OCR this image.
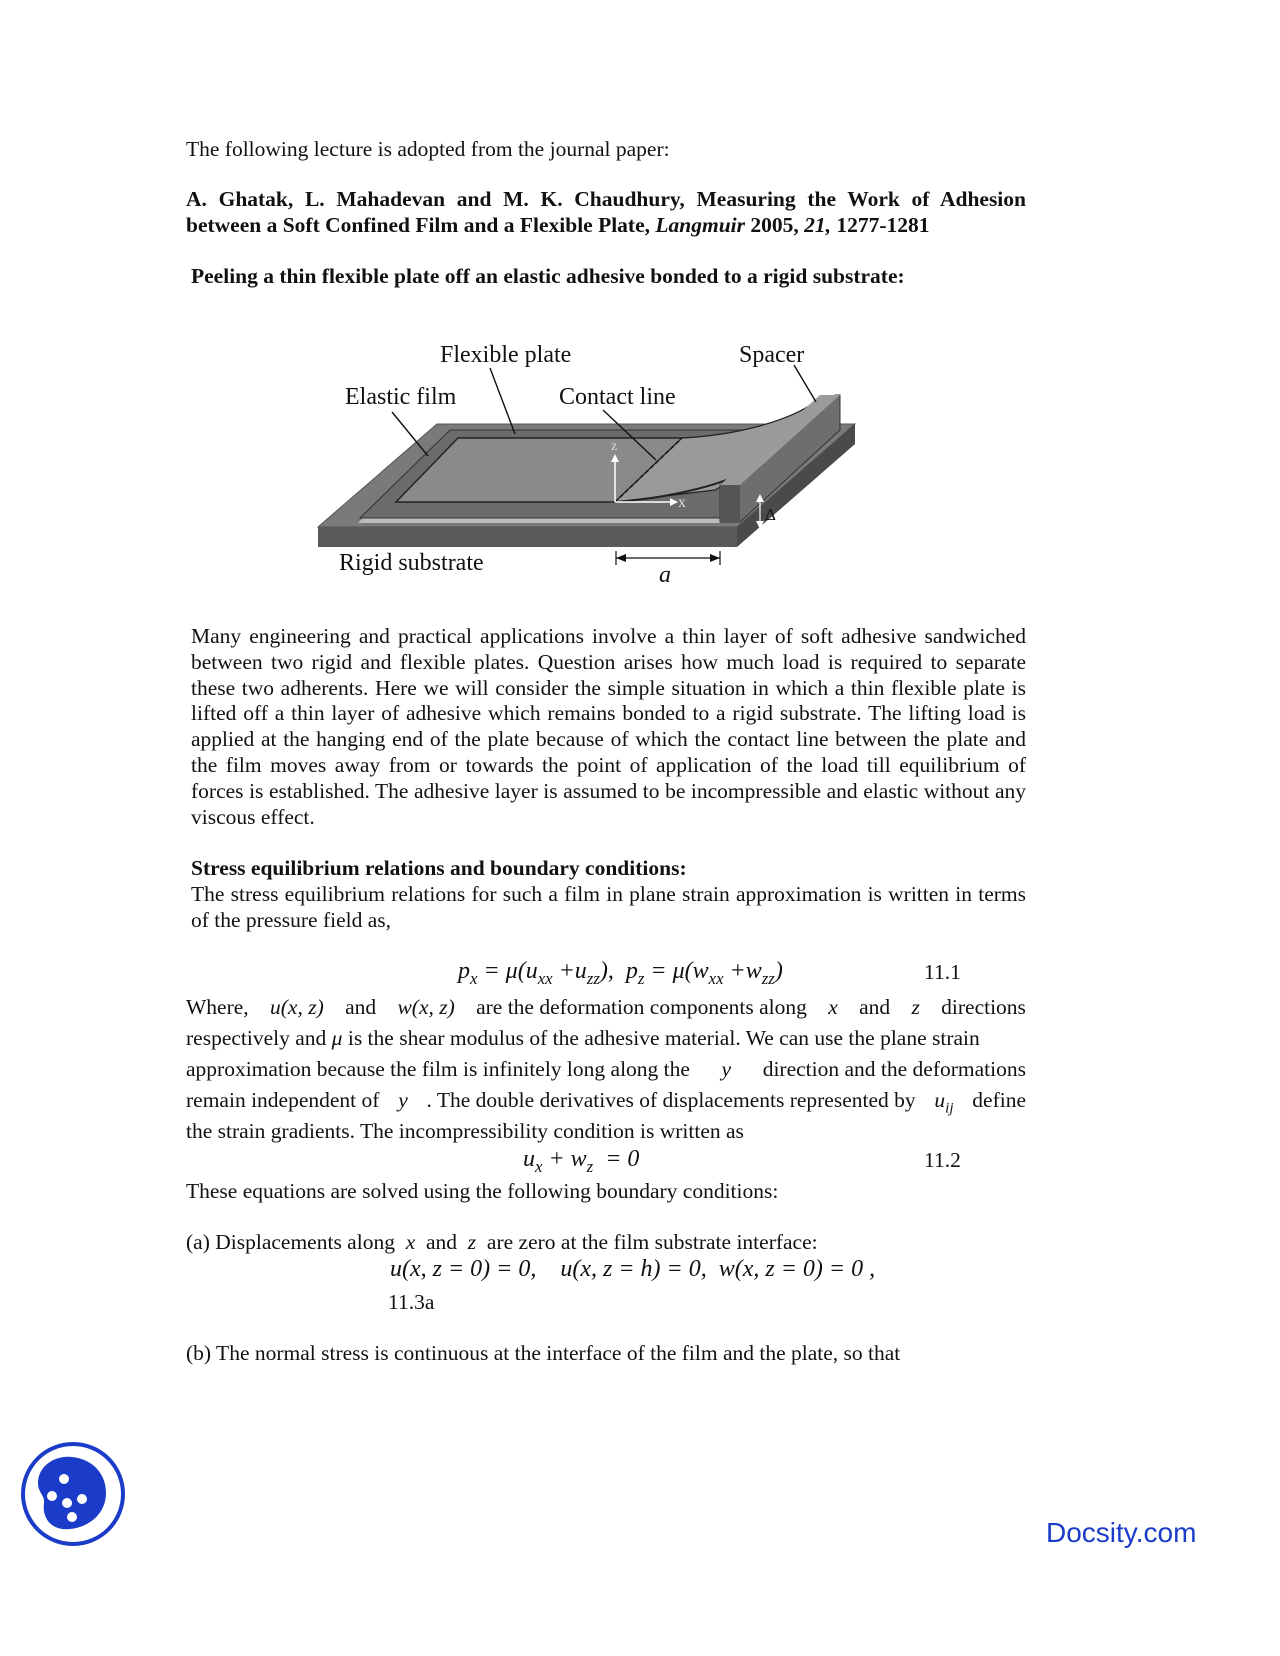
The following lecture is adopted from the journal paper:
A. Ghatak, L. Mahadevan and M. K. Chaudhury, Measuring the Work of Adhesion between a Soft Confined Film and a Flexible Plate, Langmuir 2005, 21, 1277-1281
Peeling a thin flexible plate off an elastic adhesive bonded to a rigid substrate:
Flexible plate	Spacer
Elastic film	Contact line
Rigid substrate
z
x
Δ
a
Many engineering and practical applications involve a thin layer of soft adhesive sandwiched between two rigid and flexible plates. Question arises how much load is required to separate these two adherents. Here we will consider the simple situation in which a thin flexible plate is lifted off a thin layer of adhesive which remains bonded to a rigid substrate. The lifting load is applied at the hanging end of the plate because of which the contact line between the plate and the film moves away from or towards the point of application of the load till equilibrium of forces is established. The adhesive layer is assumed to be incompressible and elastic without any viscous effect.
Stress equilibrium relations and boundary conditions:
The stress equilibrium relations for such a film in plane strain approximation is written in terms of the pressure field as,
$p_x = \mu(u_{xx} +u_{zz})$,  $p_z = \mu(w_{xx} +w_{zz})$	11.1
Where, u(x, z) and w(x, z) are the deformation components along x and z directions
respectively and μ is the shear modulus of the adhesive material. We can use the plane strain
approximation because the film is infinitely long along the y direction and the deformations
remain independent of y . The double derivatives of displacements represented by $u_{ij}$ define
the strain gradients. The incompressibility condition is written as
$u_x + w_z = 0$	11.2
These equations are solved using the following boundary conditions:
(a) Displacements along  x  and  z  are zero at the film substrate interface:
u(x, z = 0) = 0,    u(x, z = h) = 0,  w(x, z = 0) = 0 ,
11.3a
(b) The normal stress is continuous at the interface of the film and the plate, so that
Docsity.com
